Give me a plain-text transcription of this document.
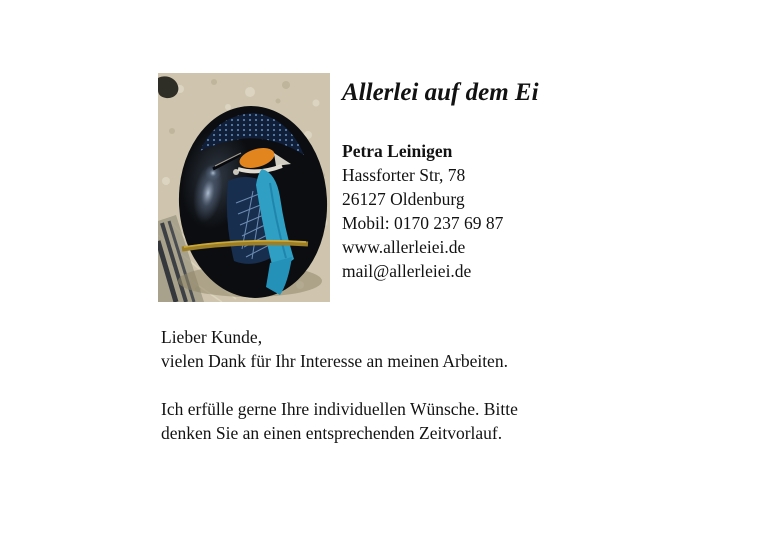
Allerlei auf dem Ei
Petra Leinigen
Hassforter Str, 78
26127 Oldenburg
Mobil: 0170 237 69 87
www.allerleiei.de
mail@allerleiei.de

Lieber Kunde,
vielen Dank für Ihr Interesse an meinen Arbeiten.

Ich erfülle gerne Ihre individuellen Wünsche. Bitte
denken Sie an einen entsprechenden Zeitvorlauf.
